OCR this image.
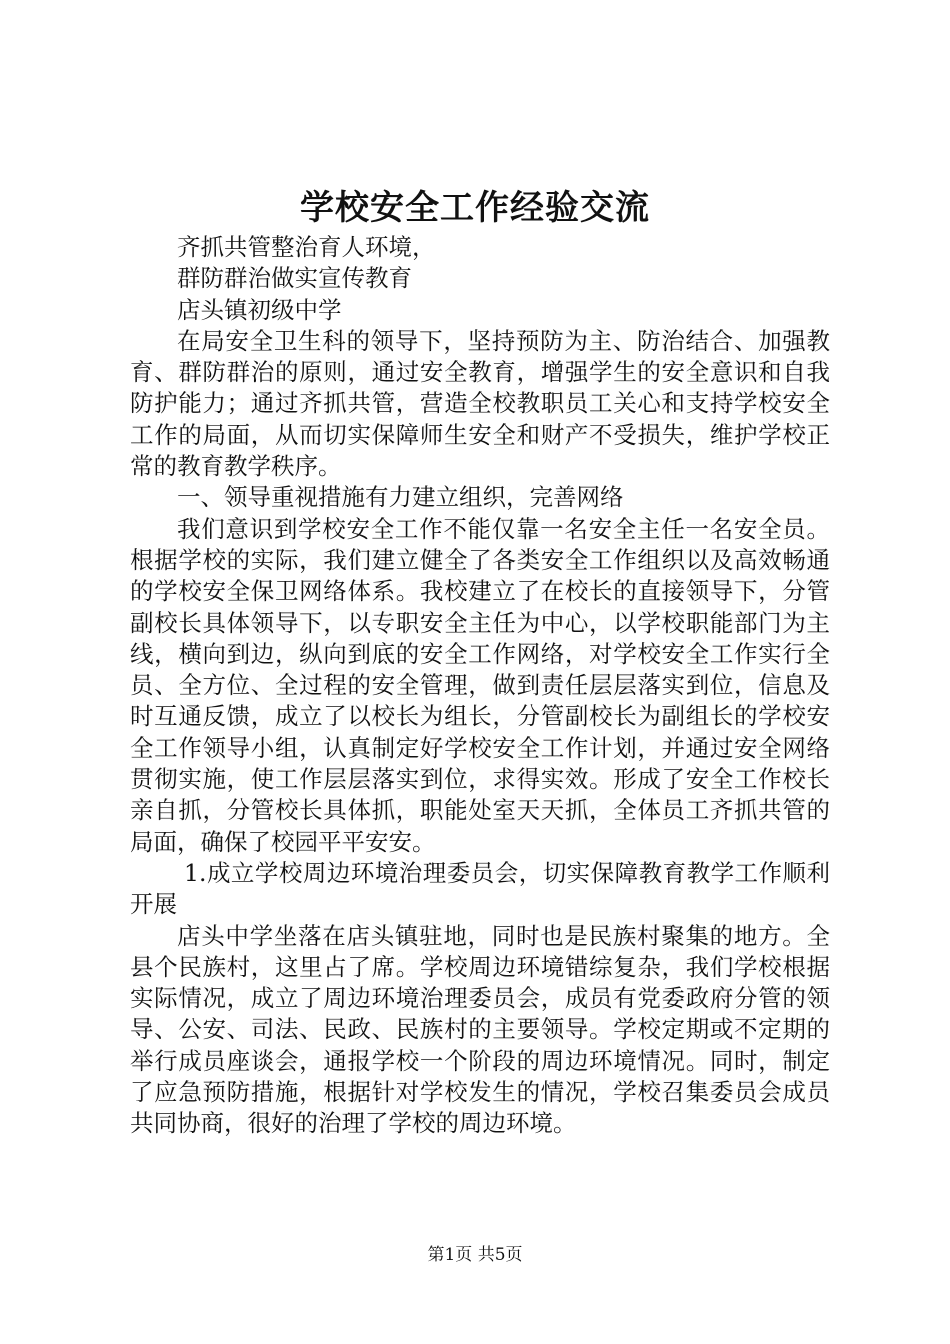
学校安全工作经验交流

齐抓共管整治育人环境，

群防群治做实宣传教育

店头镇初级中学

在局安全卫生科的领导下，坚持预防为主、防治结合、加强教育、群防群治的原则，通过安全教育，增强学生的安全意识和自我防护能力；通过齐抓共管，营造全校教职员工关心和支持学校安全工作的局面，从而切实保障师生安全和财产不受损失，维护学校正常的教育教学秩序。

一、领导重视措施有力建立组织，完善网络

我们意识到学校安全工作不能仅靠一名安全主任一名安全员。根据学校的实际，我们建立健全了各类安全工作组织以及高效畅通的学校安全保卫网络体系。我校建立了在校长的直接领导下，分管副校长具体领导下，以专职安全主任为中心，以学校职能部门为主线，横向到边，纵向到底的安全工作网络，对学校安全工作实行全员、全方位、全过程的安全管理，做到责任层层落实到位，信息及时互通反馈，成立了以校长为组长，分管副校长为副组长的学校安全工作领导小组，认真制定好学校安全工作计划，并通过安全网络贯彻实施，使工作层层落实到位，求得实效。形成了安全工作校长亲自抓，分管校长具体抓，职能处室天天抓，全体员工齐抓共管的局面，确保了校园平平安安。

1.成立学校周边环境治理委员会，切实保障教育教学工作顺利开展

店头中学坐落在店头镇驻地，同时也是民族村聚集的地方。全县个民族村，这里占了席。学校周边环境错综复杂，我们学校根据实际情况，成立了周边环境治理委员会，成员有党委政府分管的领导、公安、司法、民政、民族村的主要领导。学校定期或不定期的举行成员座谈会，通报学校一个阶段的周边环境情况。同时，制定了应急预防措施，根据针对学校发生的情况，学校召集委员会成员共同协商，很好的治理了学校的周边环境。

第1页 共5页
